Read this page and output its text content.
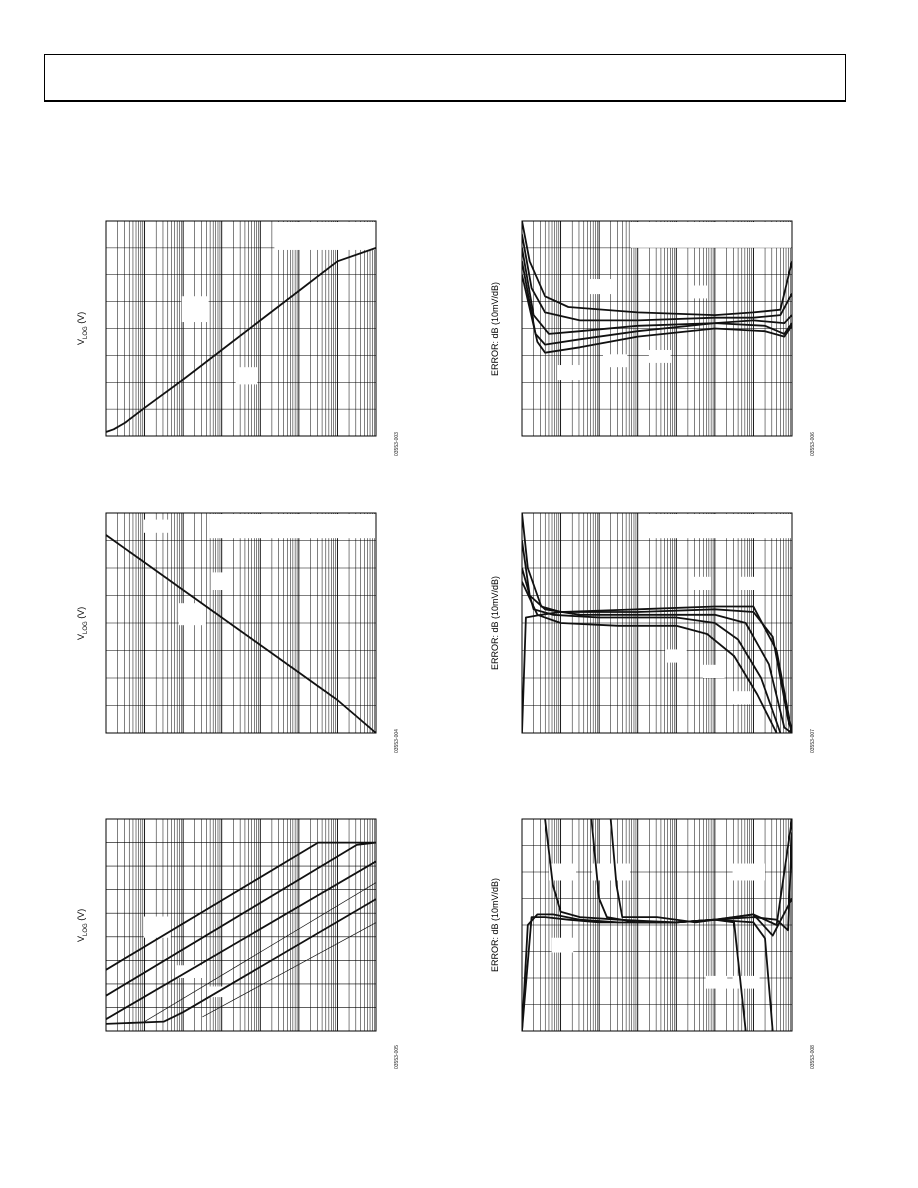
$V_{LOG}$ (V)
03553-003
$V_{LOG}$ (V)
03553-004
$V_{LOG}$ (V)
03553-005
ERROR: dB (10mV/dB)
03553-006
ERROR: dB (10mV/dB)
03553-007
ERROR: dB (10mV/dB)
03553-008
